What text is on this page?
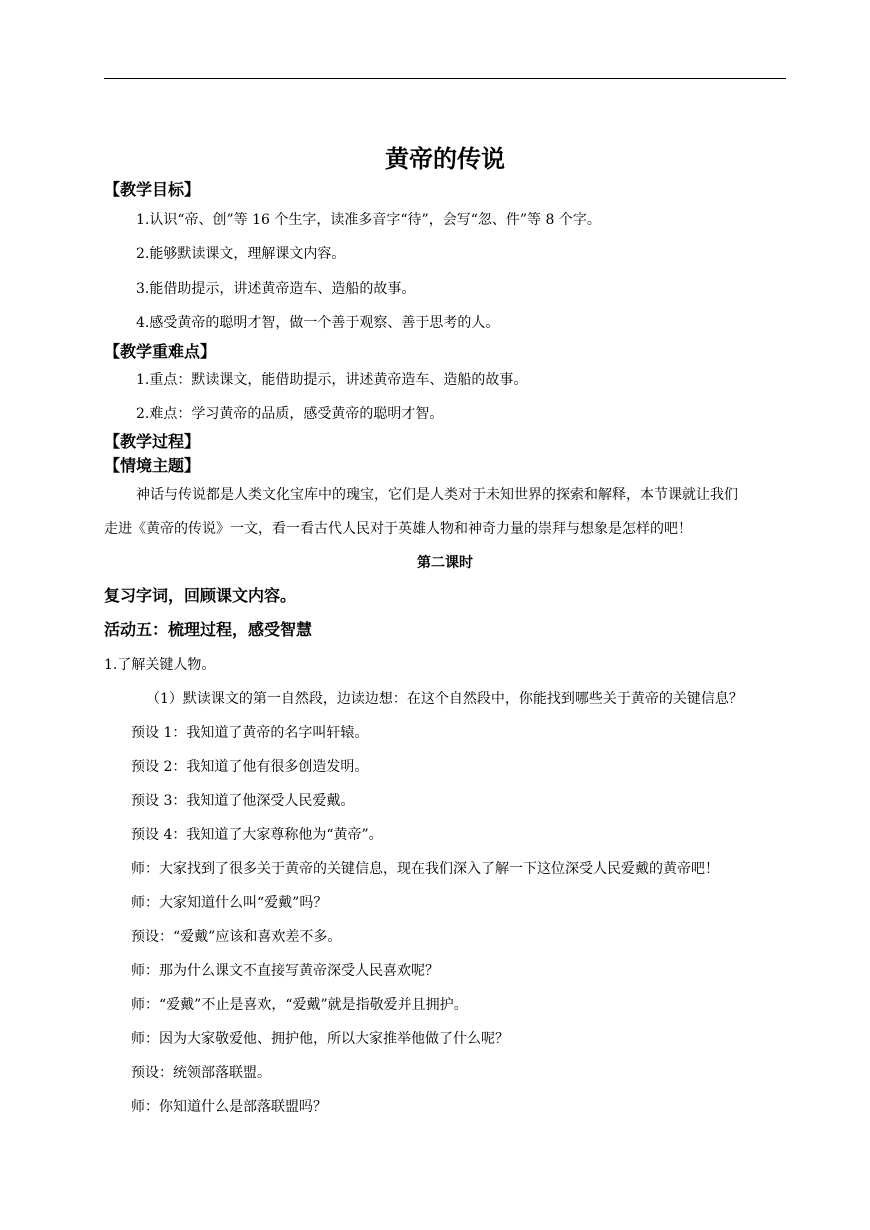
黄帝的传说
【教学目标】
1.认识“帝、创”等 16 个生字，读准多音字“待”，会写“忽、件”等 8 个字。
2.能够默读课文，理解课文内容。
3.能借助提示，讲述黄帝造车、造船的故事。
4.感受黄帝的聪明才智，做一个善于观察、善于思考的人。
【教学重难点】
1.重点：默读课文，能借助提示，讲述黄帝造车、造船的故事。
2.难点：学习黄帝的品质，感受黄帝的聪明才智。
【教学过程】
【情境主题】
神话与传说都是人类文化宝库中的瑰宝，它们是人类对于未知世界的探索和解释，本节课就让我们
走进《黄帝的传说》一文，看一看古代人民对于英雄人物和神奇力量的崇拜与想象是怎样的吧！
第二课时
复习字词，回顾课文内容。
活动五：梳理过程，感受智慧
1.了解关键人物。
（1）默读课文的第一自然段，边读边想：在这个自然段中，你能找到哪些关于黄帝的关键信息？
预设 1：我知道了黄帝的名字叫轩辕。
预设 2：我知道了他有很多创造发明。
预设 3：我知道了他深受人民爱戴。
预设 4：我知道了大家尊称他为“黄帝”。
师：大家找到了很多关于黄帝的关键信息，现在我们深入了解一下这位深受人民爱戴的黄帝吧！
师：大家知道什么叫“爱戴”吗？
预设：“爱戴”应该和喜欢差不多。
师：那为什么课文不直接写黄帝深受人民喜欢呢？
师：“爱戴”不止是喜欢，“爱戴”就是指敬爱并且拥护。
师：因为大家敬爱他、拥护他，所以大家推举他做了什么呢？
预设：统领部落联盟。
师：你知道什么是部落联盟吗？
